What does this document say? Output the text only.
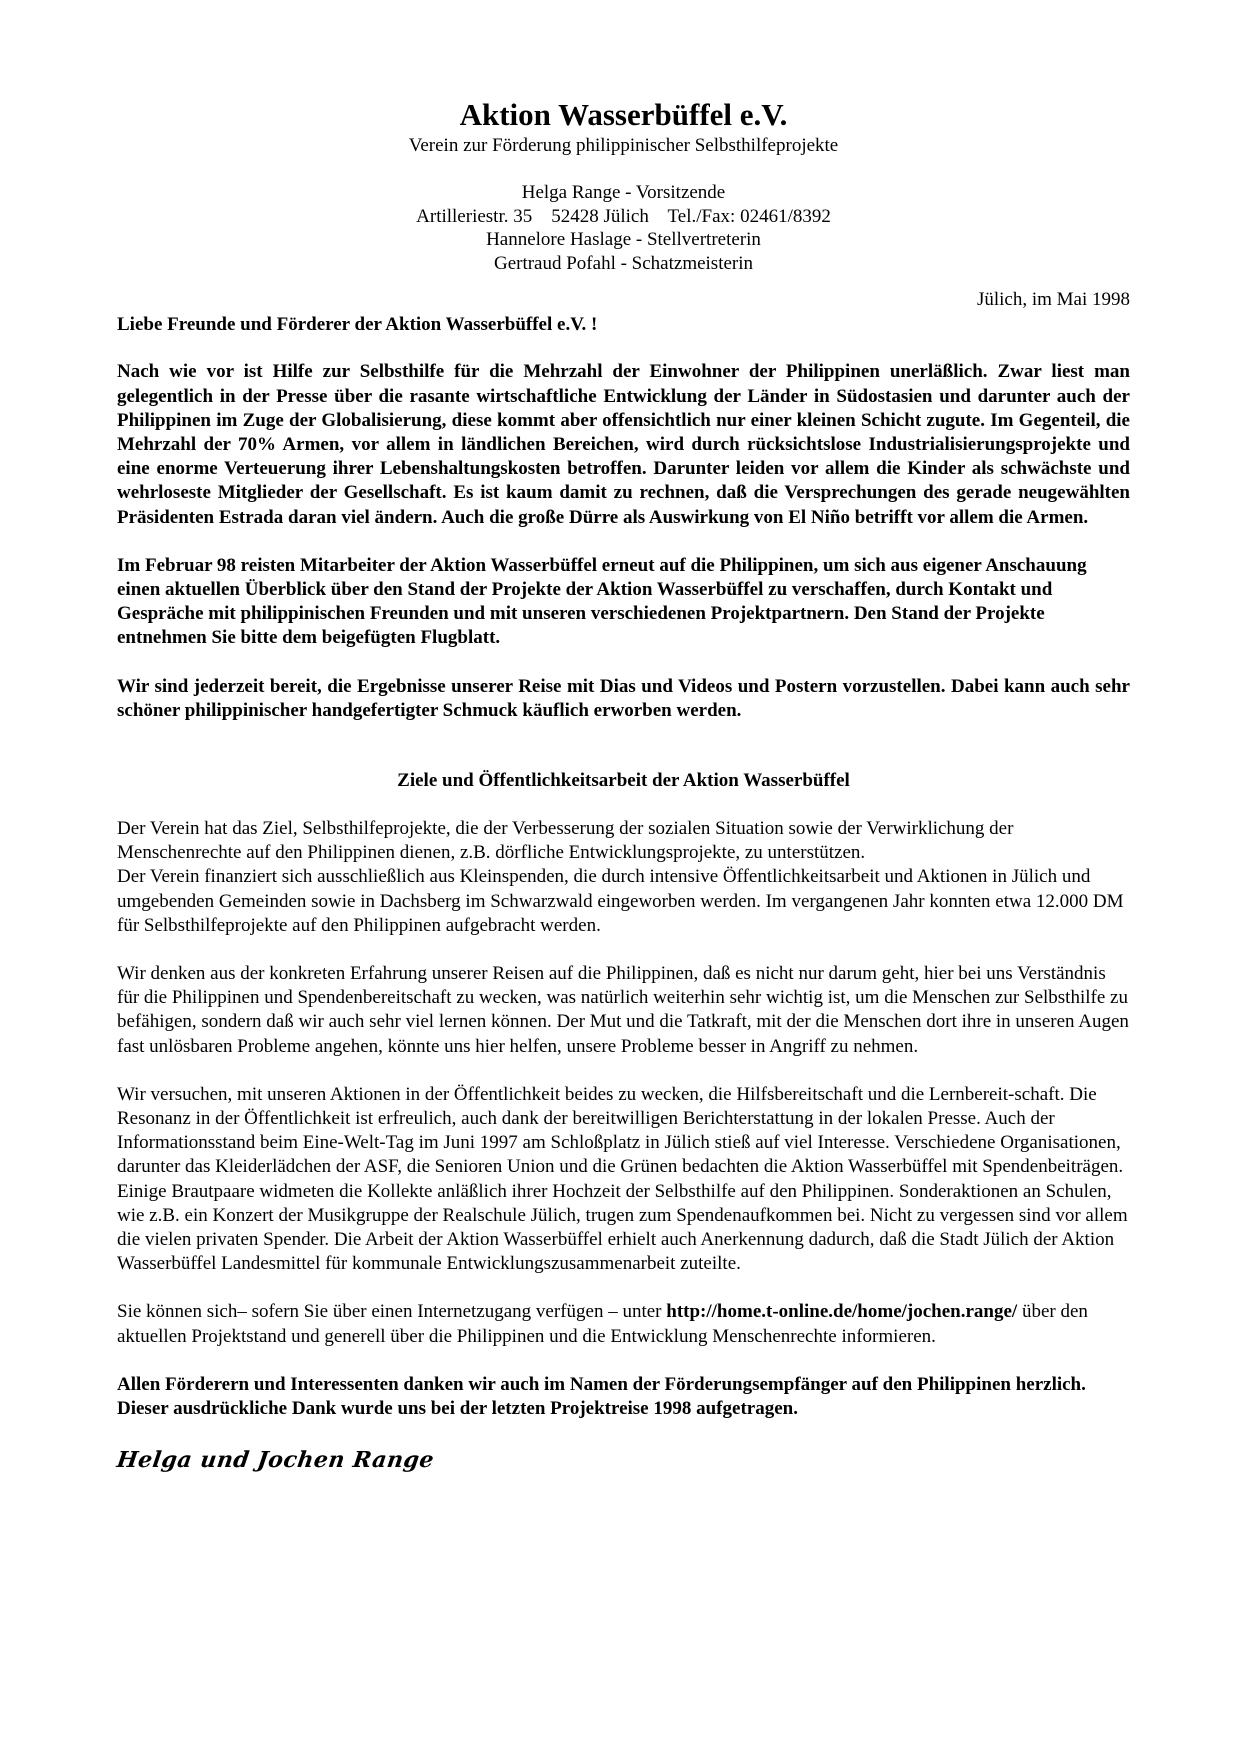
Aktion Wasserbüffel e.V.
Verein zur Förderung philippinischer Selbsthilfeprojekte
Helga Range - Vorsitzende
Artilleriestr. 35    52428 Jülich    Tel./Fax: 02461/8392
Hannelore Haslage - Stellvertreterin
Gertraud Pofahl - Schatzmeisterin
Jülich, im Mai 1998
Liebe Freunde und Förderer der Aktion Wasserbüffel e.V. !

Nach wie vor ist Hilfe zur Selbsthilfe für die Mehrzahl der Einwohner der Philippinen unerläßlich. Zwar liest man gelegentlich in der Presse über die rasante wirtschaftliche Entwicklung der Länder in Südostasien und darunter auch der Philippinen im Zuge der Globalisierung, diese kommt aber offensichtlich nur einer kleinen Schicht zugute. Im Gegenteil, die Mehrzahl der 70% Armen, vor allem in ländlichen Bereichen, wird durch rücksichtslose Industrialisierungsprojekte und eine enorme Verteuerung ihrer Lebenshaltungskosten betroffen. Darunter leiden vor allem die Kinder als schwächste und wehrloseste Mitglieder der Gesellschaft. Es ist kaum damit zu rechnen, daß die Versprechungen des gerade neugewählten Präsidenten Estrada daran viel ändern. Auch die große Dürre als Auswirkung von El Niño betrifft vor allem die Armen.

Im Februar 98 reisten Mitarbeiter der Aktion Wasserbüffel erneut auf die Philippinen, um sich aus eigener Anschauung einen aktuellen Überblick über den Stand der Projekte der Aktion Wasserbüffel zu verschaffen, durch Kontakt und Gespräche mit philippinischen Freunden und mit unseren verschiedenen Projektpartnern. Den Stand der Projekte entnehmen Sie bitte dem beigefügten Flugblatt.

Wir sind jederzeit bereit, die Ergebnisse unserer Reise mit Dias und Videos und Postern vorzustellen. Dabei kann auch sehr schöner philippinischer handgefertigter Schmuck käuflich erworben werden.

Ziele und Öffentlichkeitsarbeit der Aktion Wasserbüffel

Der Verein hat das Ziel, Selbsthilfeprojekte, die der Verbesserung der sozialen Situation sowie der Verwirklichung der Menschenrechte auf den Philippinen dienen, z.B. dörfliche Entwicklungsprojekte, zu unterstützen.

Der Verein finanziert sich ausschließlich aus Kleinspenden, die durch intensive Öffentlichkeitsarbeit und Aktionen in Jülich und umgebenden Gemeinden sowie in Dachsberg im Schwarzwald eingeworben werden. Im vergangenen Jahr konnten etwa 12.000 DM für Selbsthilfeprojekte auf den Philippinen aufgebracht werden.

Wir denken aus der konkreten Erfahrung unserer Reisen auf die Philippinen, daß es nicht nur darum geht, hier bei uns Verständnis für die Philippinen und Spendenbereitschaft zu wecken, was natürlich weiterhin sehr wichtig ist, um die Menschen zur Selbsthilfe zu befähigen, sondern daß wir auch sehr viel lernen können. Der Mut und die Tatkraft, mit der die Menschen dort ihre in unseren Augen fast unlösbaren Probleme angehen, könnte uns hier helfen, unsere Probleme besser in Angriff zu nehmen.

Wir versuchen, mit unseren Aktionen in der Öffentlichkeit beides zu wecken, die Hilfsbereitschaft und die Lernbereit-schaft. Die Resonanz in der Öffentlichkeit ist erfreulich, auch dank der bereitwilligen Berichterstattung in der lokalen Presse. Auch der Informationsstand beim Eine-Welt-Tag im Juni 1997 am Schloßplatz in Jülich stieß auf viel Interesse. Verschiedene Organisationen, darunter das Kleiderlädchen der ASF, die Senioren Union und die Grünen bedachten die Aktion Wasserbüffel mit Spendenbeiträgen. Einige Brautpaare widmeten die Kollekte anläßlich ihrer Hochzeit der Selbsthilfe auf den Philippinen. Sonderaktionen an Schulen, wie z.B. ein Konzert der Musikgruppe der Realschule Jülich, trugen zum Spendenaufkommen bei. Nicht zu vergessen sind vor allem die vielen privaten Spender. Die Arbeit der Aktion Wasserbüffel erhielt auch Anerkennung dadurch, daß die Stadt Jülich der Aktion Wasserbüffel Landesmittel für kommunale Entwicklungszusammenarbeit zuteilte.

Sie können sich– sofern Sie über einen Internetzugang verfügen – unter http://home.t-online.de/home/jochen.range/ über den aktuellen Projektstand und generell über die Philippinen und die Entwicklung Menschenrechte informieren.

Allen Förderern und Interessenten danken wir auch im Namen der Förderungsempfänger auf den Philippinen herzlich. Dieser ausdrückliche Dank wurde uns bei der letzten Projektreise 1998 aufgetragen.

Helga und Jochen Range
